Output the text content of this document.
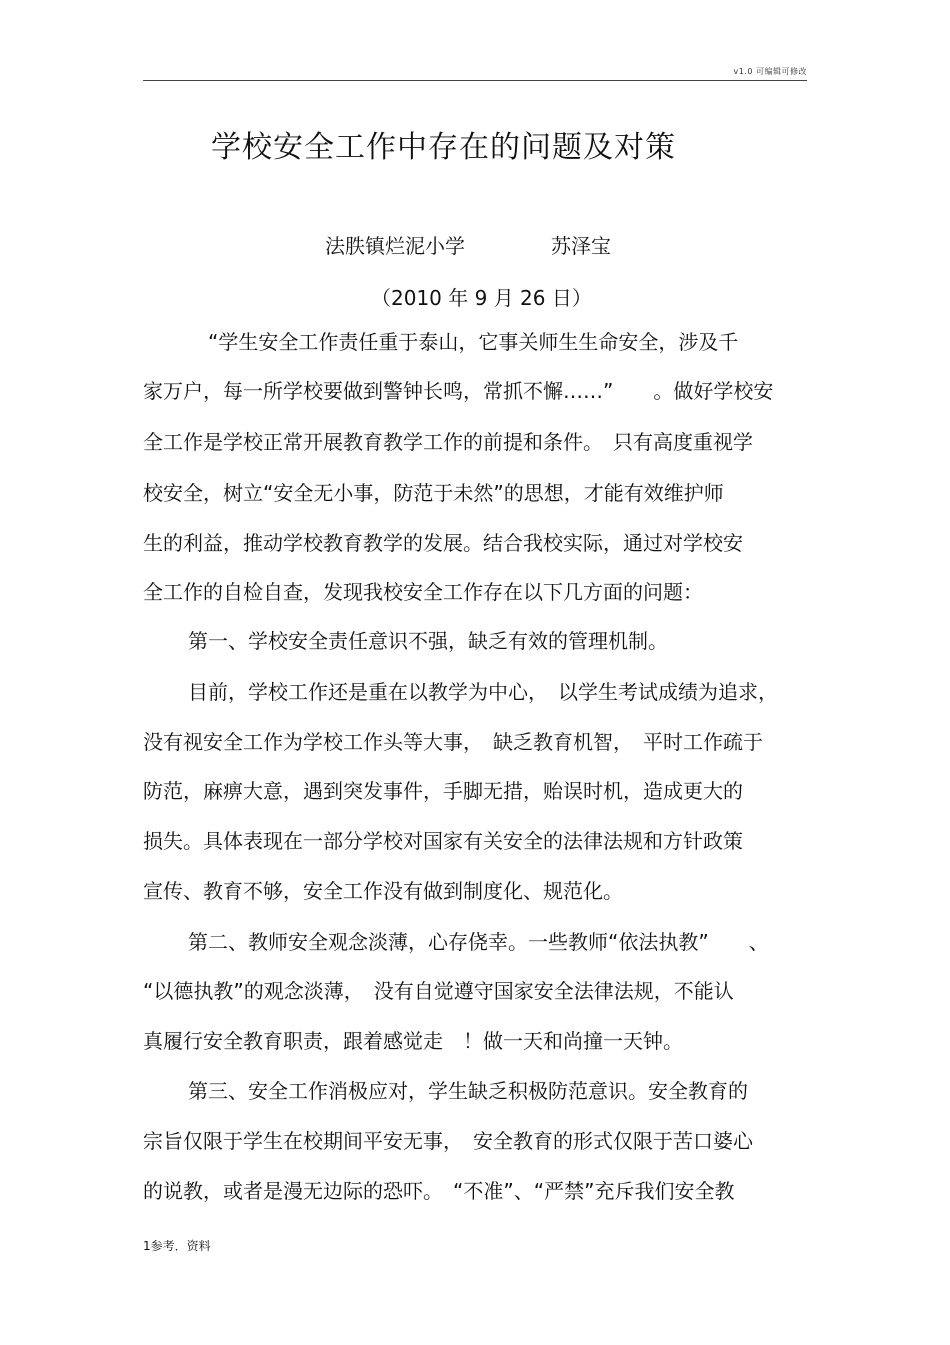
v1.0 可编辑可修改
学校安全工作中存在的问题及对策
法胅镇烂泥小学	苏泽宝
（2010 年 9 月 26 日）
“学生安全工作责任重于泰山，它事关师生生命安全，涉及千
家万户，每一所学校要做到警钟长鸣，常抓不懈……”　　。做好学校安
全工作是学校正常开展教育教学工作的前提和条件。　只有高度重视学
校安全，树立“安全无小事，防范于未然”的思想，才能有效维护师
生的利益，推动学校教育教学的发展。结合我校实际，通过对学校安
全工作的自检自查，发现我校安全工作存在以下几方面的问题：
第一、学校安全责任意识不强，缺乏有效的管理机制。
目前，学校工作还是重在以教学为中心，　以学生考试成绩为追求，
没有视安全工作为学校工作头等大事，　缺乏教育机智，　平时工作疏于
防范，麻痹大意，遇到突发事件，手脚无措，贻误时机，造成更大的
损失。具体表现在一部分学校对国家有关安全的法律法规和方针政策
宣传、教育不够，安全工作没有做到制度化、规范化。
第二、教师安全观念淡薄，心存侥幸。一些教师“依法执教”　　、
“以德执教”的观念淡薄，　没有自觉遵守国家安全法律法规，不能认
真履行安全教育职责，跟着感觉走　！做一天和尚撞一天钟。
第三、安全工作消极应对，学生缺乏积极防范意识。安全教育的
宗旨仅限于学生在校期间平安无事，　安全教育的形式仅限于苦口婆心
的说教，或者是漫无边际的恐吓。　“不准”、“严禁”充斥我们安全教
1参考．资料
